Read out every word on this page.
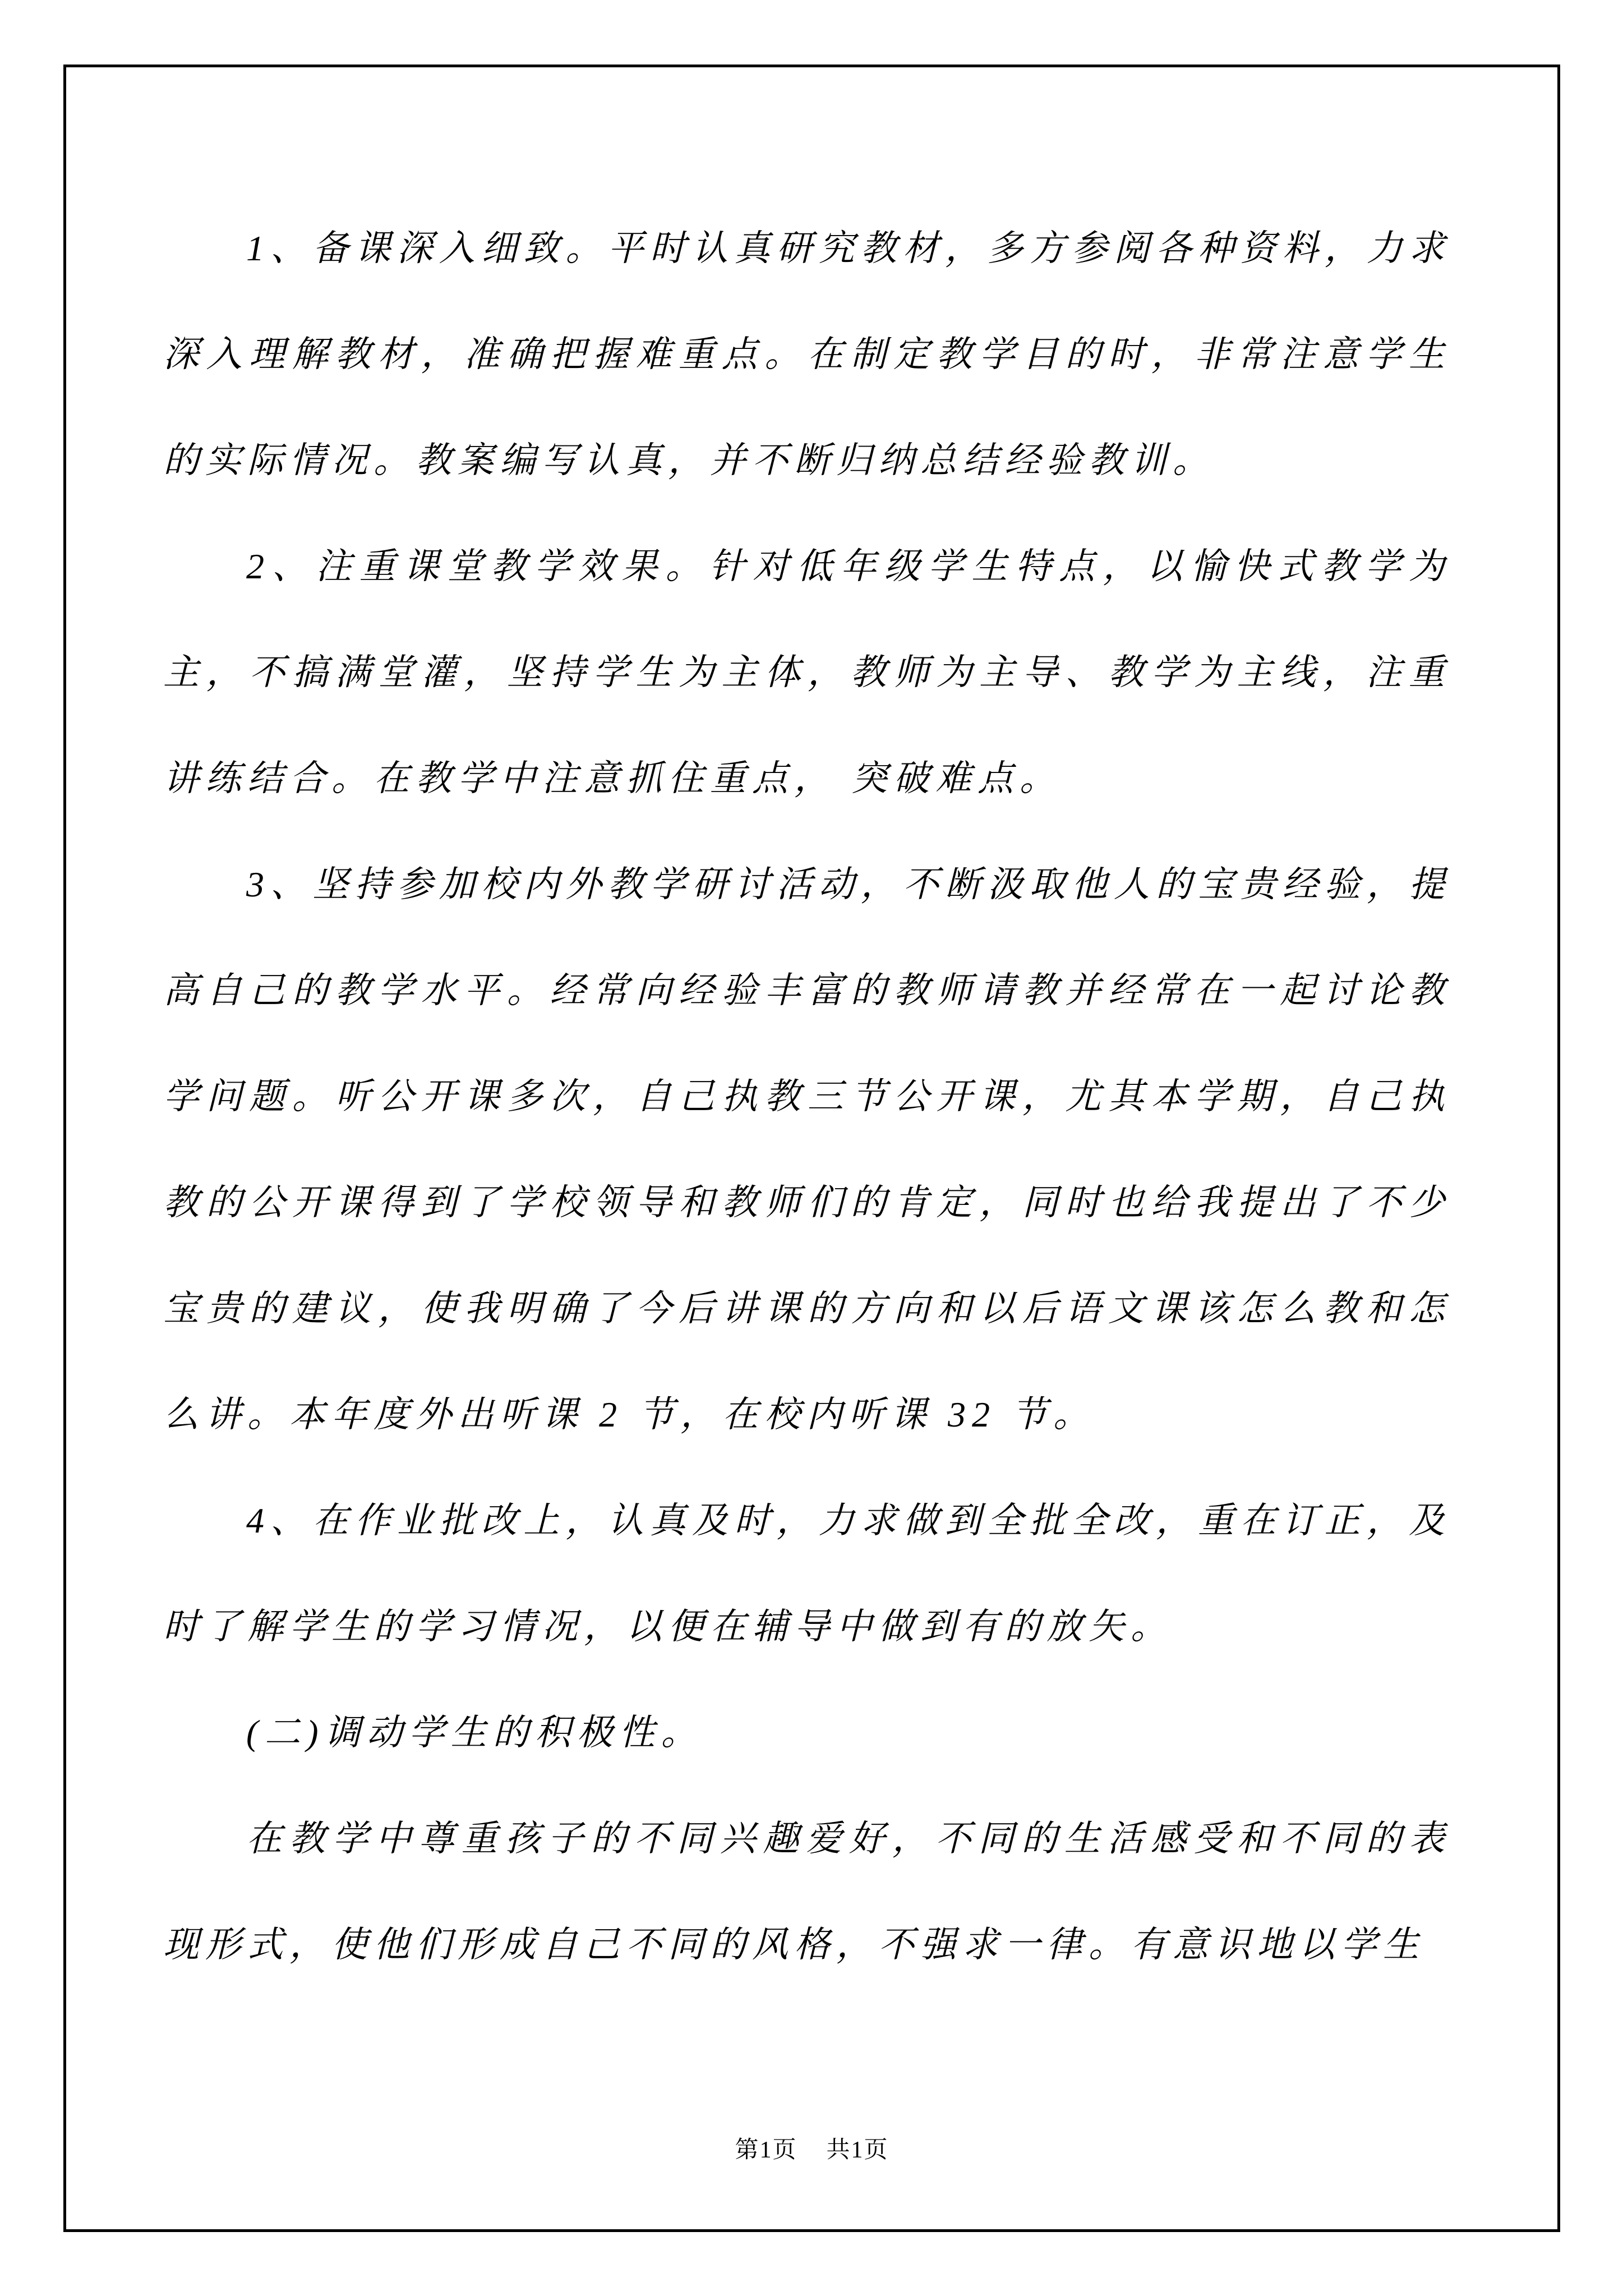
1、备课深入细致。平时认真研究教材，多方参阅各种资料，力求深入理解教材，准确把握难重点。在制定教学目的时，非常注意学生的实际情况。教案编写认真，并不断归纳总结经验教训。

2、注重课堂教学效果。针对低年级学生特点，以愉快式教学为主，不搞满堂灌，坚持学生为主体，教师为主导、教学为主线，注重讲练结合。在教学中注意抓住重点， 突破难点。

3、坚持参加校内外教学研讨活动，不断汲取他人的宝贵经验，提高自己的教学水平。经常向经验丰富的教师请教并经常在一起讨论教学问题。听公开课多次，自己执教三节公开课，尤其本学期，自己执教的公开课得到了学校领导和教师们的肯定，同时也给我提出了不少宝贵的建议，使我明确了今后讲课的方向和以后语文课该怎么教和怎么讲。本年度外出听课 2 节，在校内听课 32 节。

4、在作业批改上，认真及时，力求做到全批全改，重在订正，及时了解学生的学习情况，以便在辅导中做到有的放矢。

(二)调动学生的积极性。

在教学中尊重孩子的不同兴趣爱好，不同的生活感受和不同的表现形式，使他们形成自己不同的风格，不强求一律。有意识地以学生

第1页 共1页
